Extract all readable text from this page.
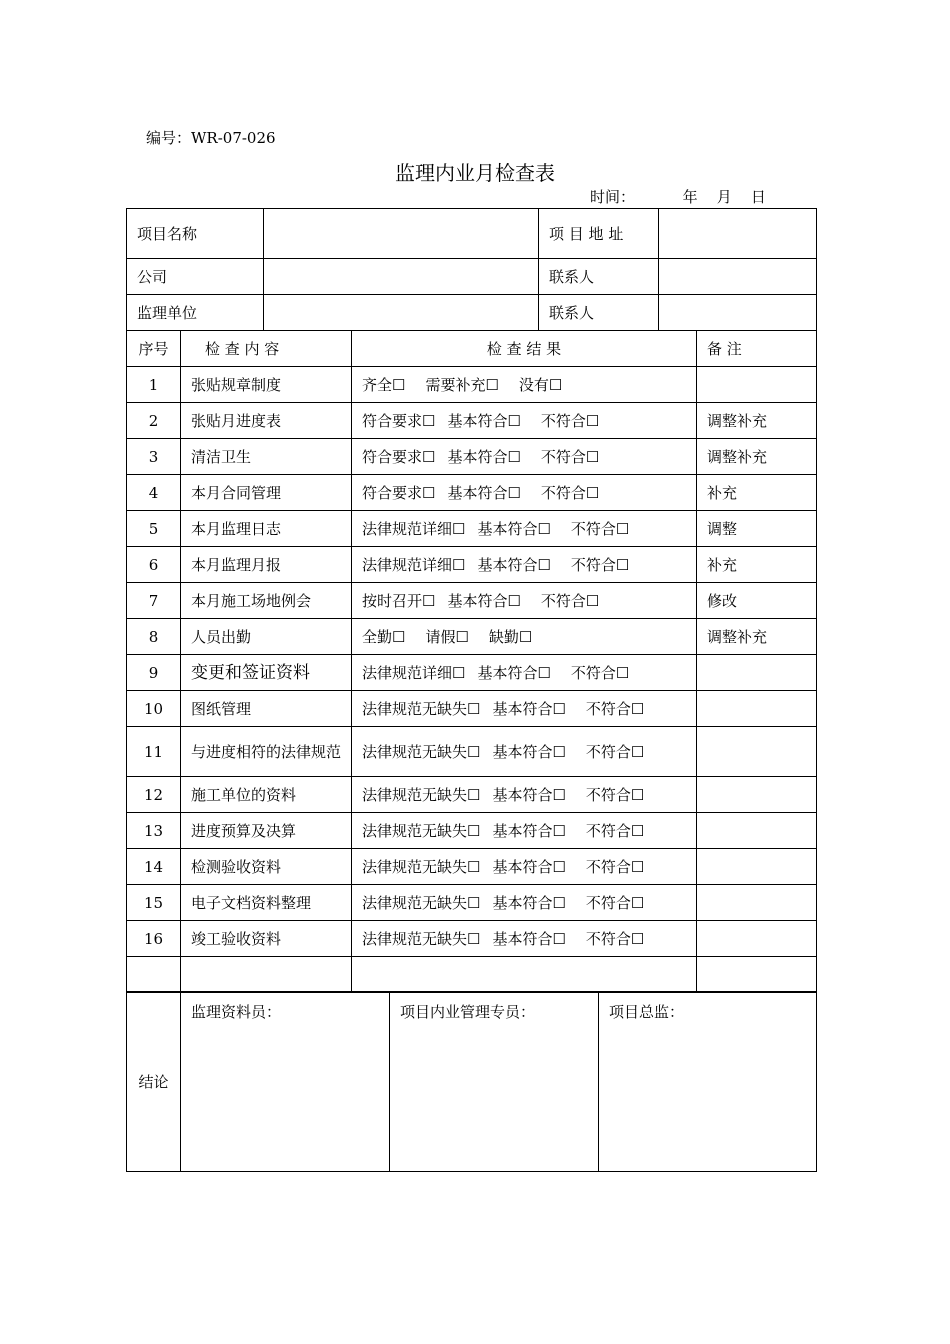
编号：WR-07-026
监理内业月检查表
时间：          年    月    日
项目名称				项 目 地 址		
公司				联系人		
监理单位				联系人		
序号	检 查 内 容		检 查 结 果			备 注
1	张贴规章制度		齐全☐ 需要补充☐ 没有☐			
2	张贴月进度表		符合要求☐ 基本符合☐ 不符合☐			调整补充
3	清洁卫生		符合要求☐ 基本符合☐ 不符合☐			调整补充
4	本月合同管理		符合要求☐ 基本符合☐ 不符合☐			补充
5	本月监理日志		法律规范详细☐ 基本符合☐ 不符合☐			调整
6	本月监理月报		法律规范详细☐ 基本符合☐ 不符合☐			补充
7	本月施工场地例会		按时召开☐ 基本符合☐ 不符合☐			修改
8	人员出勤		全勤☐ 请假☐ 缺勤☐			调整补充
9	变更和签证资料		法律规范详细☐ 基本符合☐ 不符合☐			
10	图纸管理		法律规范无缺失☐ 基本符合☐ 不符合☐			
11	与进度相符的法律规范		法律规范无缺失☐ 基本符合☐ 不符合☐			
12	施工单位的资料		法律规范无缺失☐ 基本符合☐ 不符合☐			
13	进度预算及决算		法律规范无缺失☐ 基本符合☐ 不符合☐			
14	检测验收资料		法律规范无缺失☐ 基本符合☐ 不符合☐			
15	电子文档资料整理		法律规范无缺失☐ 基本符合☐ 不符合☐			
16	竣工验收资料		法律规范无缺失☐ 基本符合☐ 不符合☐			

结论	监理资料员：	项目内业管理专员：	项目总监：
